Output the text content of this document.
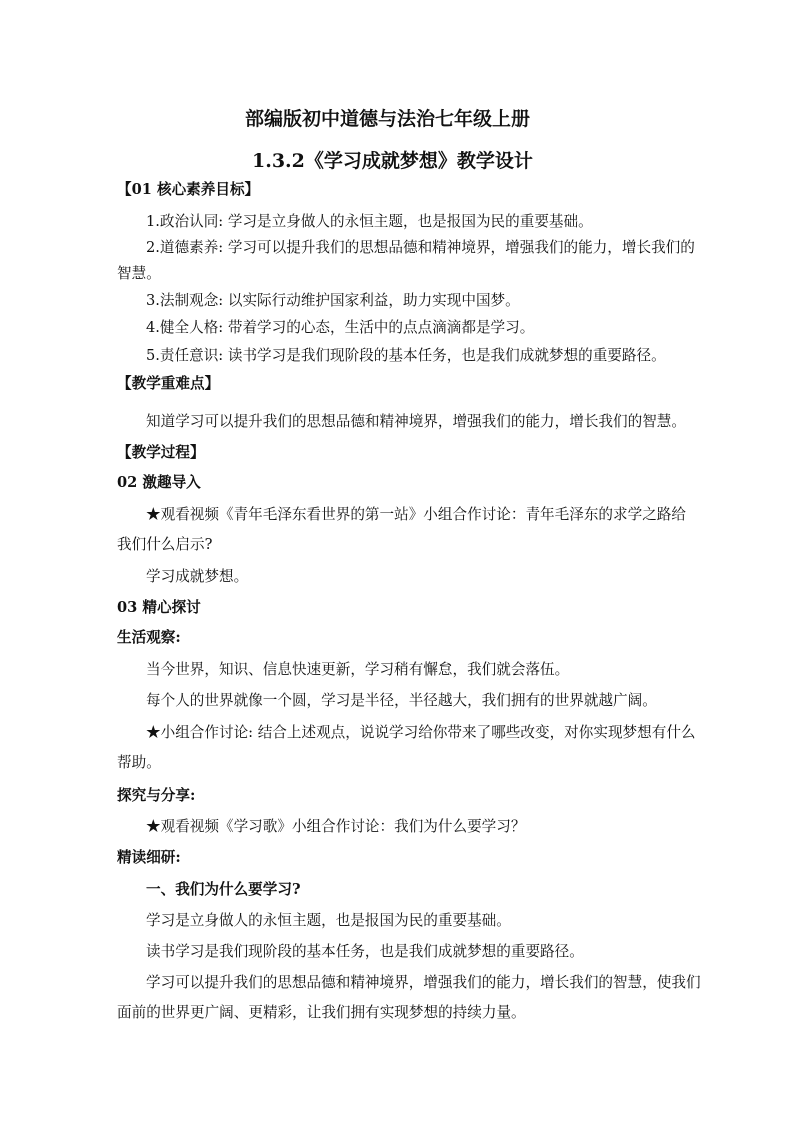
部编版初中道德与法治七年级上册
1.3.2《学习成就梦想》教学设计
【01 核心素养目标】
1.政治认同: 学习是立身做人的永恒主题，也是报国为民的重要基础。
2.道德素养: 学习可以提升我们的思想品德和精神境界，增强我们的能力，增长我们的
智慧。
3.法制观念: 以实际行动维护国家利益，助力实现中国梦。
4.健全人格: 带着学习的心态，生活中的点点滴滴都是学习。
5.责任意识: 读书学习是我们现阶段的基本任务，也是我们成就梦想的重要路径。
【教学重难点】
知道学习可以提升我们的思想品德和精神境界，增强我们的能力，增长我们的智慧。
【教学过程】
02 激趣导入
★观看视频《青年毛泽东看世界的第一站》小组合作讨论：青年毛泽东的求学之路给
我们什么启示?
学习成就梦想。
03 精心探讨
生活观察:
当今世界，知识、信息快速更新，学习稍有懈怠，我们就会落伍。
每个人的世界就像一个圆，学习是半径，半径越大，我们拥有的世界就越广阔。
★小组合作讨论: 结合上述观点，说说学习给你带来了哪些改变，对你实现梦想有什么
帮助。
探究与分享:
★观看视频《学习歌》小组合作讨论：我们为什么要学习？
精读细研:
一、我们为什么要学习?
学习是立身做人的永恒主题，也是报国为民的重要基础。
读书学习是我们现阶段的基本任务，也是我们成就梦想的重要路径。
学习可以提升我们的思想品德和精神境界，增强我们的能力，增长我们的智慧，使我们
面前的世界更广阔、更精彩，让我们拥有实现梦想的持续力量。
